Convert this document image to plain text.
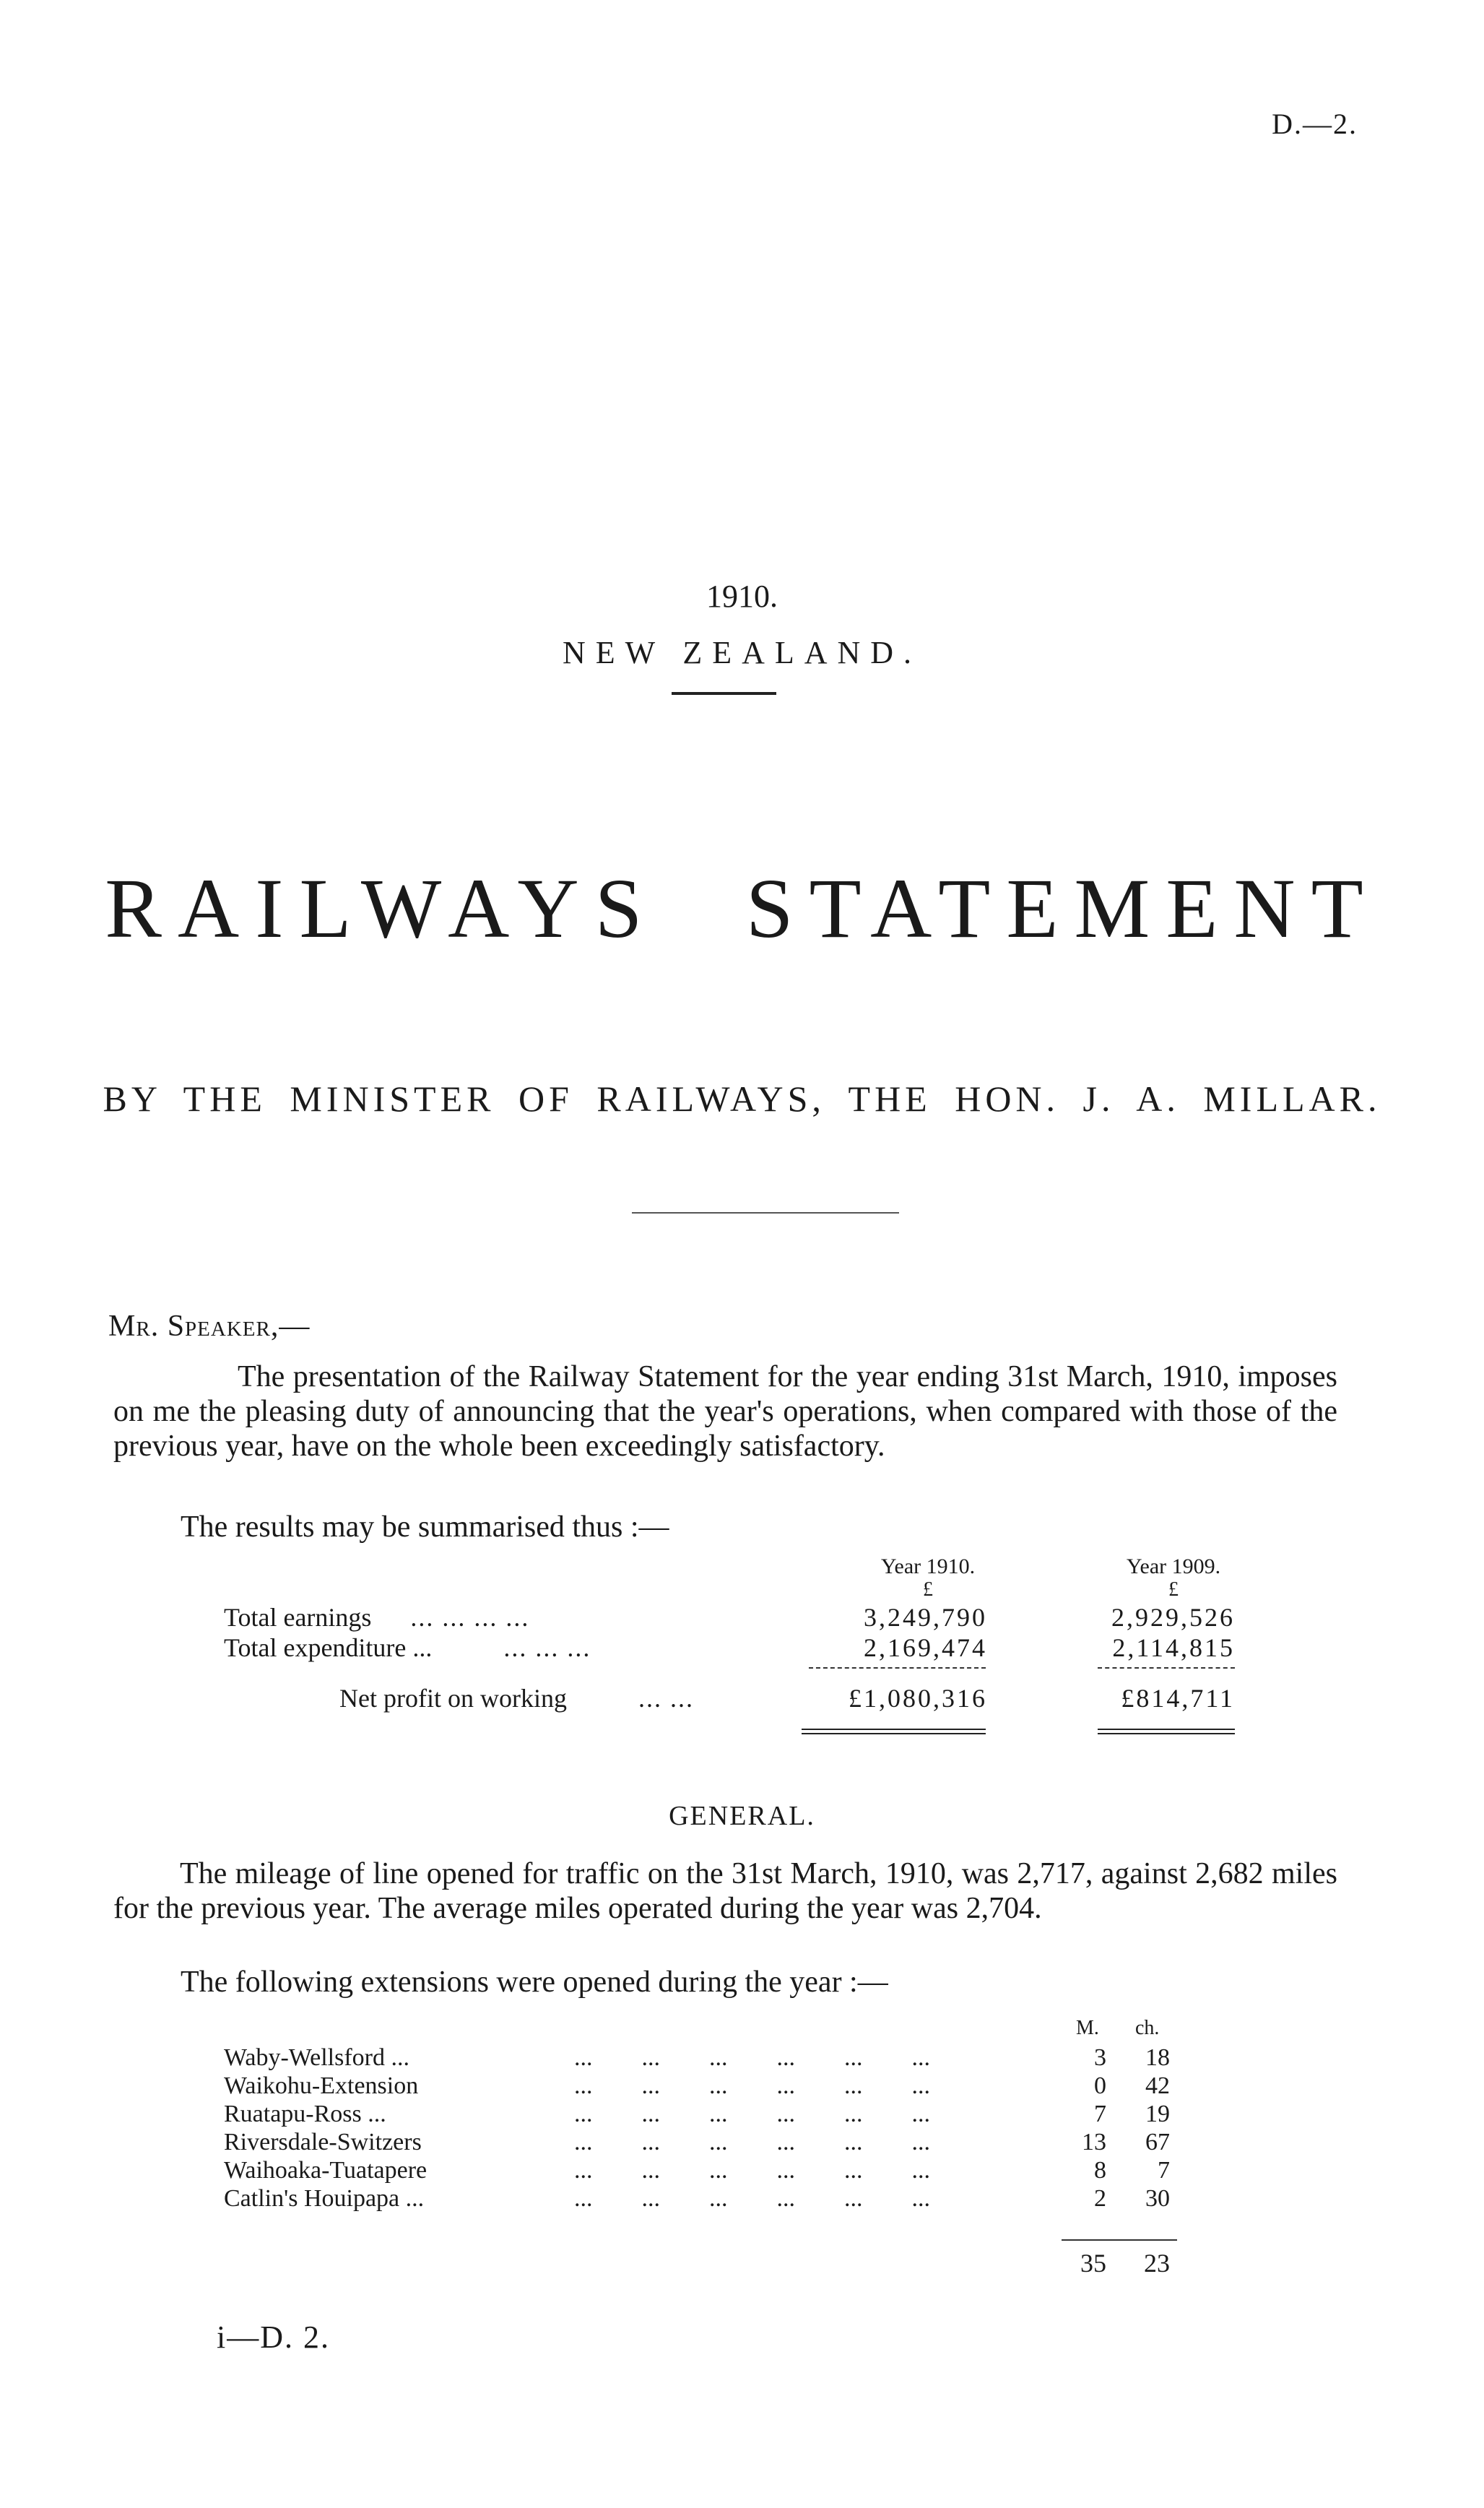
D.—2.
1910.
NEW ZEALAND.
RAILWAYS STATEMENT
BY THE MINISTER OF RAILWAYS, THE HON. J. A. MILLAR.
Mr. Speaker,—
The presentation of the Railway Statement for the year ending 31st March, 1910, imposes on me the pleasing duty of announcing that the year's operations, when compared with those of the previous year, have on the whole been exceedingly satisfactory.
The results may be summarised thus :—
Year 1910.	Year 1909.
£	£
Total earnings ... ... ... ...	3,249,790	2,929,526
Total expenditure ...	... ... ...	2,169,474	2,114,815
Net profit on working	... ...	£1,080,316	£814,711
GENERAL.
The mileage of line opened for traffic on the 31st March, 1910, was 2,717, against 2,682 miles for the previous year. The average miles operated during the year was 2,704.
The following extensions were opened during the year :—
M. ch.
Waby-Wellsford ...	...        ...        ...        ...        ...        ...	3	18
Waikohu-Extension	...        ...        ...        ...        ...        ...	0	42
Ruatapu-Ross ...	...        ...        ...        ...        ...        ...	7	19
Riversdale-Switzers	...        ...        ...        ...        ...        ...	13	67
Waihoaka-Tuatapere	...        ...        ...        ...        ...        ...	8	7
Catlin's Houipapa ...	...        ...        ...        ...        ...        ...	2	30
35	23
i—D. 2.
